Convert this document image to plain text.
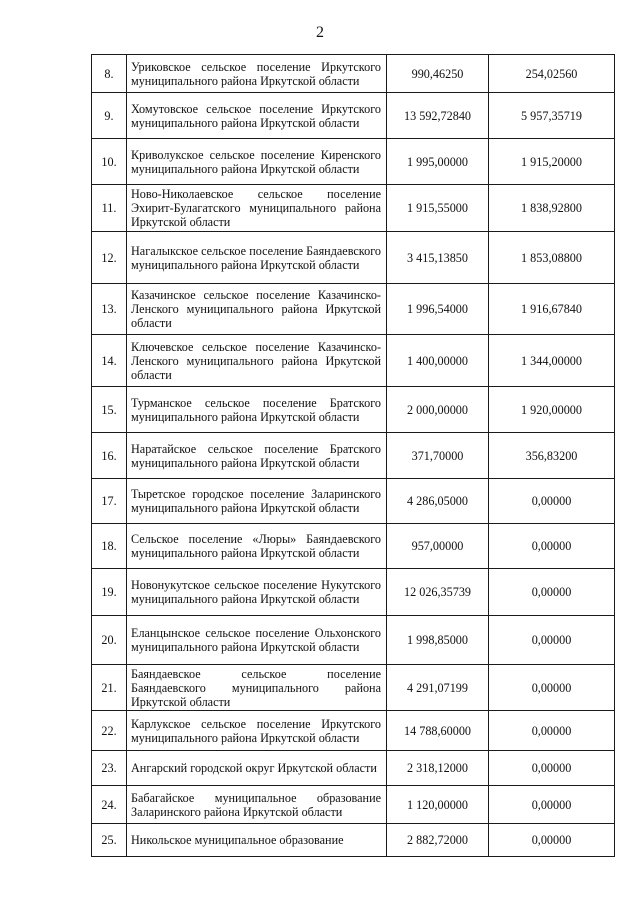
2
8.	Уриковское сельское поселение Иркутского муниципального района Иркутской области	990,46250	254,02560
9.	Хомутовское сельское поселение Иркутского муниципального района Иркутской области	13 592,72840	5 957,35719
10.	Криволукское сельское поселение Киренского муниципального района Иркутской области	1 995,00000	1 915,20000
11.	Ново-Николаевское сельское поселение Эхирит-Булагатского муниципального района Иркутской области	1 915,55000	1 838,92800
12.	Нагалыкское сельское поселение Баяндаевского муниципального района Иркутской области	3 415,13850	1 853,08800
13.	Казачинское сельское поселение Казачинско-Ленского муниципального района Иркутской области	1 996,54000	1 916,67840
14.	Ключевское сельское поселение Казачинско-Ленского муниципального района Иркутской области	1 400,00000	1 344,00000
15.	Турманское сельское поселение Братского муниципального района Иркутской области	2 000,00000	1 920,00000
16.	Наратайское сельское поселение Братского муниципального района Иркутской области	371,70000	356,83200
17.	Тыретское городское поселение Заларинского муниципального района Иркутской области	4 286,05000	0,00000
18.	Сельское поселение «Люры» Баяндаевского муниципального района Иркутской области	957,00000	0,00000
19.	Новонукутское сельское поселение Нукутского муниципального района Иркутской области	12 026,35739	0,00000
20.	Еланцынское сельское поселение Ольхонского муниципального района Иркутской области	1 998,85000	0,00000
21.	Баяндаевское сельское поселение Баяндаевского муниципального района Иркутской области	4 291,07199	0,00000
22.	Карлукское сельское поселение Иркутского муниципального района Иркутской области	14 788,60000	0,00000
23.	Ангарский городской округ Иркутской области	2 318,12000	0,00000
24.	Бабагайское муниципальное образование Заларинского района Иркутской области	1 120,00000	0,00000
25.	Никольское муниципальное образование	2 882,72000	0,00000
